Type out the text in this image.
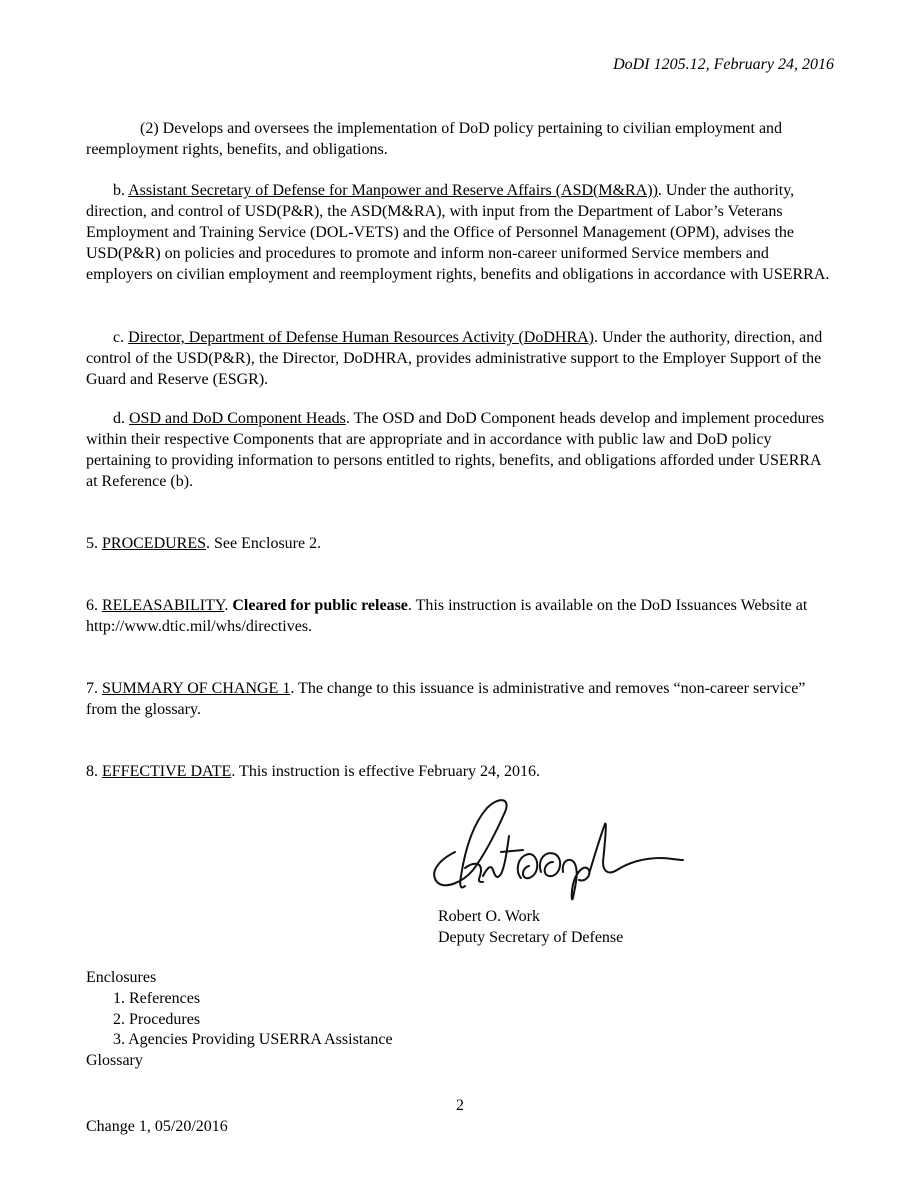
DoDI 1205.12, February 24, 2016

(2) Develops and oversees the implementation of DoD policy pertaining to civilian employment and reemployment rights, benefits, and obligations.

b. Assistant Secretary of Defense for Manpower and Reserve Affairs (ASD(M&RA)). Under the authority, direction, and control of USD(P&R), the ASD(M&RA), with input from the Department of Labor’s Veterans Employment and Training Service (DOL-VETS) and the Office of Personnel Management (OPM), advises the USD(P&R) on policies and procedures to promote and inform non-career uniformed Service members and employers on civilian employment and reemployment rights, benefits and obligations in accordance with USERRA.

c. Director, Department of Defense Human Resources Activity (DoDHRA). Under the authority, direction, and control of the USD(P&R), the Director, DoDHRA, provides administrative support to the Employer Support of the Guard and Reserve (ESGR).

d. OSD and DoD Component Heads. The OSD and DoD Component heads develop and implement procedures within their respective Components that are appropriate and in accordance with public law and DoD policy pertaining to providing information to persons entitled to rights, benefits, and obligations afforded under USERRA at Reference (b).

5. PROCEDURES. See Enclosure 2.

6. RELEASABILITY. Cleared for public release. This instruction is available on the DoD Issuances Website at http://www.dtic.mil/whs/directives.

7. SUMMARY OF CHANGE 1. The change to this issuance is administrative and removes “non-career service” from the glossary.

8. EFFECTIVE DATE. This instruction is effective February 24, 2016.

Robert O. Work
Deputy Secretary of Defense
Enclosures
1. References
2. Procedures
3. Agencies Providing USERRA Assistance
Glossary
2
Change 1, 05/20/2016
